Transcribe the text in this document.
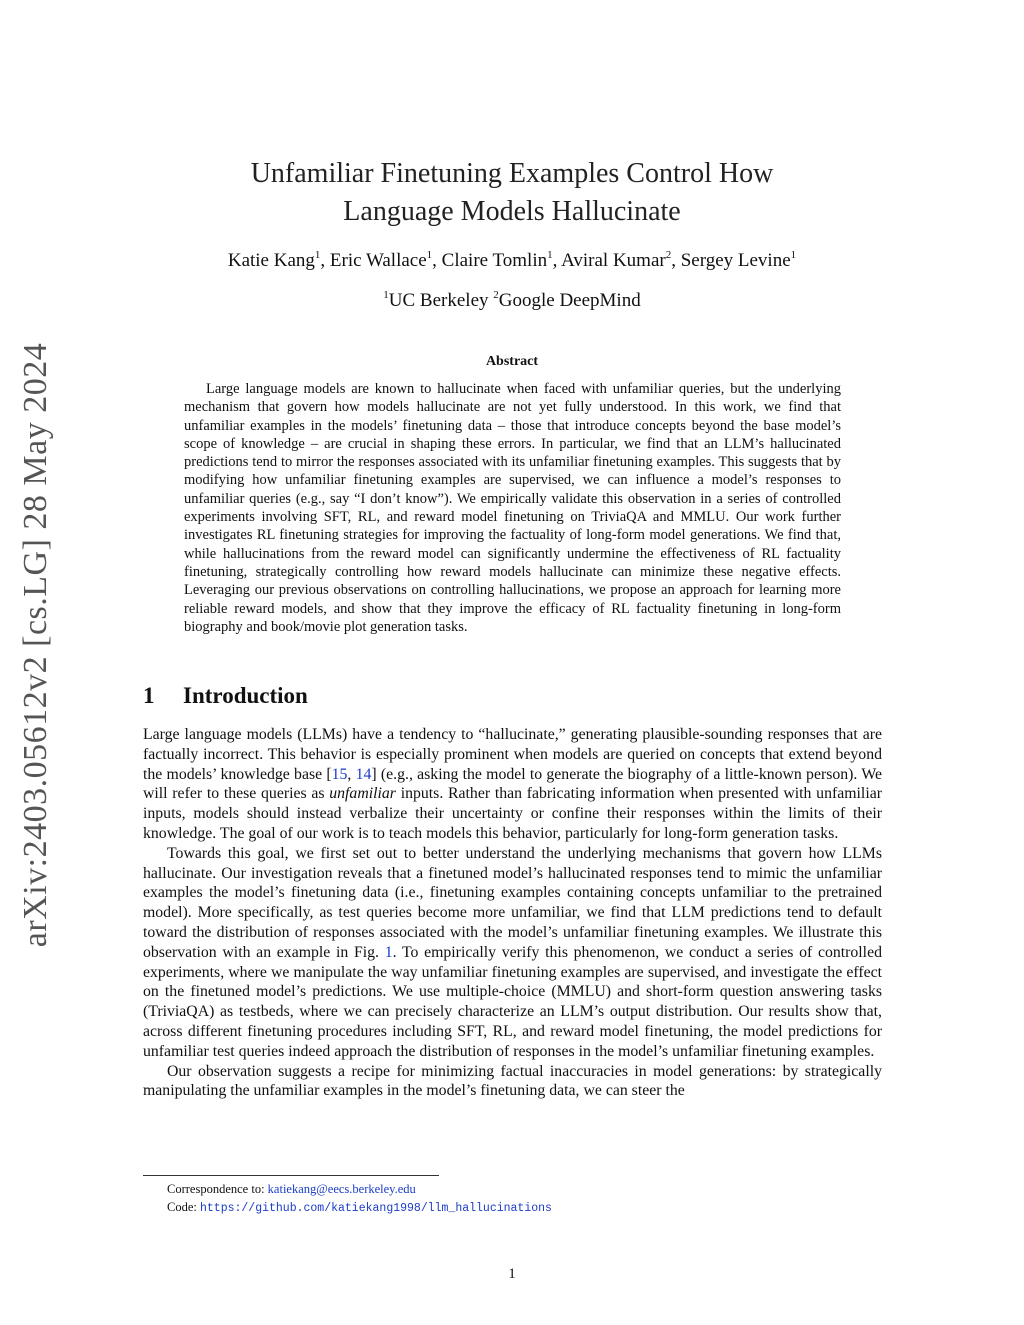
arXiv:2403.05612v2 [cs.LG] 28 May 2024
Unfamiliar Finetuning Examples Control How
Language Models Hallucinate
Katie Kang$^1$, Eric Wallace$^1$, Claire Tomlin$^1$, Aviral Kumar$^2$, Sergey Levine$^1$
$^1$UC Berkeley $^2$Google DeepMind
Abstract

Large language models are known to hallucinate when faced with unfamiliar queries, but the underlying mechanism that govern how models hallucinate are not yet fully understood. In this work, we find that unfamiliar examples in the models’ finetuning data – those that introduce concepts beyond the base model’s scope of knowledge – are crucial in shaping these errors. In particular, we find that an LLM’s hallucinated predictions tend to mirror the responses associated with its unfamiliar finetuning examples. This suggests that by modifying how unfamiliar finetuning examples are supervised, we can influence a model’s responses to unfamiliar queries (e.g., say “I don’t know”). We empirically validate this observation in a series of controlled experiments involving SFT, RL, and reward model finetuning on TriviaQA and MMLU. Our work further investigates RL finetuning strategies for improving the factuality of long-form model generations. We find that, while hallucinations from the reward model can significantly undermine the effectiveness of RL factuality finetuning, strategically controlling how reward models hallucinate can minimize these negative effects. Leveraging our previous observations on controlling hallucinations, we propose an approach for learning more reliable reward models, and show that they improve the efficacy of RL factuality finetuning in long-form biography and book/movie plot generation tasks.

1 Introduction

Large language models (LLMs) have a tendency to “hallucinate,” generating plausible-sounding responses that are factually incorrect. This behavior is especially prominent when models are queried on concepts that extend beyond the models’ knowledge base [15, 14] (e.g., asking the model to generate the biography of a little-known person). We will refer to these queries as unfamiliar inputs. Rather than fabricating information when presented with unfamiliar inputs, models should instead verbalize their uncertainty or confine their responses within the limits of their knowledge. The goal of our work is to teach models this behavior, particularly for long-form generation tasks.

Towards this goal, we first set out to better understand the underlying mechanisms that govern how LLMs hallucinate. Our investigation reveals that a finetuned model’s hallucinated responses tend to mimic the unfamiliar examples the model’s finetuning data (i.e., finetuning examples containing concepts unfamiliar to the pretrained model). More specifically, as test queries become more unfamiliar, we find that LLM predictions tend to default toward the distribution of responses associated with the model’s unfamiliar finetuning examples. We illustrate this observation with an example in Fig. 1. To empirically verify this phenomenon, we conduct a series of controlled experiments, where we manipulate the way unfamiliar finetuning examples are supervised, and investigate the effect on the finetuned model’s predictions. We use multiple-choice (MMLU) and short-form question answering tasks (TriviaQA) as testbeds, where we can precisely characterize an LLM’s output distribution. Our results show that, across different finetuning procedures including SFT, RL, and reward model finetuning, the model predictions for unfamiliar test queries indeed approach the distribution of responses in the model’s unfamiliar finetuning examples.

Our observation suggests a recipe for minimizing factual inaccuracies in model generations: by strategically manipulating the unfamiliar examples in the model’s finetuning data, we can steer the

Correspondence to: katiekang@eecs.berkeley.edu
Code: https://github.com/katiekang1998/llm_hallucinations
1
